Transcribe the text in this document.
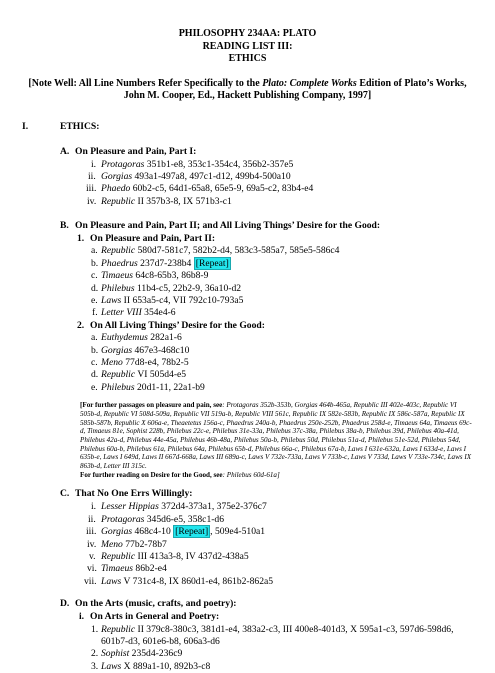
PHILOSOPHY 234AA: PLATO
READING LIST III:
ETHICS
[Note Well: All Line Numbers Refer Specifically to the Plato: Complete Works Edition of Plato’s Works, John M. Cooper, Ed., Hackett Publishing Company, 1997]
I.	ETHICS:
A. On Pleasure and Pain, Part I:
i. Protagoras 351b1-e8, 353c1-354c4, 356b2-357e5
ii. Gorgias 493a1-497a8, 497c1-d12, 499b4-500a10
iii. Phaedo 60b2-c5, 64d1-65a8, 65e5-9, 69a5-c2, 83b4-e4
iv. Republic II 357b3-8, IX 571b3-c1
B. On Pleasure and Pain, Part II; and All Living Things’ Desire for the Good:
1. On Pleasure and Pain, Part II:
a. Republic 580d7-581c7, 582b2-d4, 583c3-585a7, 585e5-586c4
b. Phaedrus 237d7-238b4 [Repeat]
c. Timaeus 64c8-65b3, 86b8-9
d. Philebus 11b4-c5, 22b2-9, 36a10-d2
e. Laws II 653a5-c4, VII 792c10-793a5
f. Letter VIII 354e4-6
2. On All Living Things’ Desire for the Good:
a. Euthydemus 282a1-6
b. Gorgias 467e3-468c10
c. Meno 77d8-e4, 78b2-5
d. Republic VI 505d4-e5
e. Philebus 20d1-11, 22a1-b9
[For further passages on pleasure and pain, see: Protagoras 352b-353b, Gorgias 464b-465a, Republic III 402e-403c, Republic VI 505b-d, Republic VI 508d-509a, Republic VII 519a-b, Republic VIII 561c, Republic IX 582e-583b, Republic IX 586c-587a, Republic IX 585b-587b, Republic X 606a-e, Theaetetus 156a-c, Phaedrus 240a-b, Phaedrus 250e-252b, Phaedrus 258d-e, Timaeus 64a, Timaeus 69c-d, Timaeus 81e, Sophist 228b, Philebus 22c-e, Philebus 31e-33a, Philebus 37c-38a, Philebus 38a-b, Philebus 39d, Philebus 40a-41d, Philebus 42a-d, Philebus 44e-45a, Philebus 46b-48a, Philebus 50a-b, Philebus 50d, Philebus 51a-d, Philebus 51e-52d, Philebus 54d, Philebus 60a-b, Philebus 61a, Philebus 64a, Philebus 65b-d, Philebus 66a-c, Philebus 67a-b, Laws I 631e-632a, Laws I 633d-e, Laws I 635b-e, Laws I 649d, Laws II 667d-668a, Laws III 689a-c, Laws V 732e-733a, Laws V 733b-c, Laws V 733d, Laws V 733e-734c, Laws IX 863b-d, Letter III 315c.
For further reading on Desire for the Good, see: Philebus 60d-61a]
C. That No One Errs Willingly:
i. Lesser Hippias 372d4-373a1, 375e2-376c7
ii. Protagoras 345d6-e5, 358c1-d6
iii. Gorgias 468c4-10 [Repeat] , 509e4-510a1
iv. Meno 77b2-78b7
v. Republic III 413a3-8, IV 437d2-438a5
vi. Timaeus 86b2-e4
vii. Laws V 731c4-8, IX 860d1-e4, 861b2-862a5
D. On the Arts (music, crafts, and poetry):
i. On Arts in General and Poetry:
1. Republic II 379c8-380c3, 381d1-e4, 383a2-c3, III 400e8-401d3, X 595a1-c3, 597d6-598d6, 601b7-d3, 601e6-b8, 606a3-d6
2. Sophist 235d4-236c9
3. Laws X 889a1-10, 892b3-c8
